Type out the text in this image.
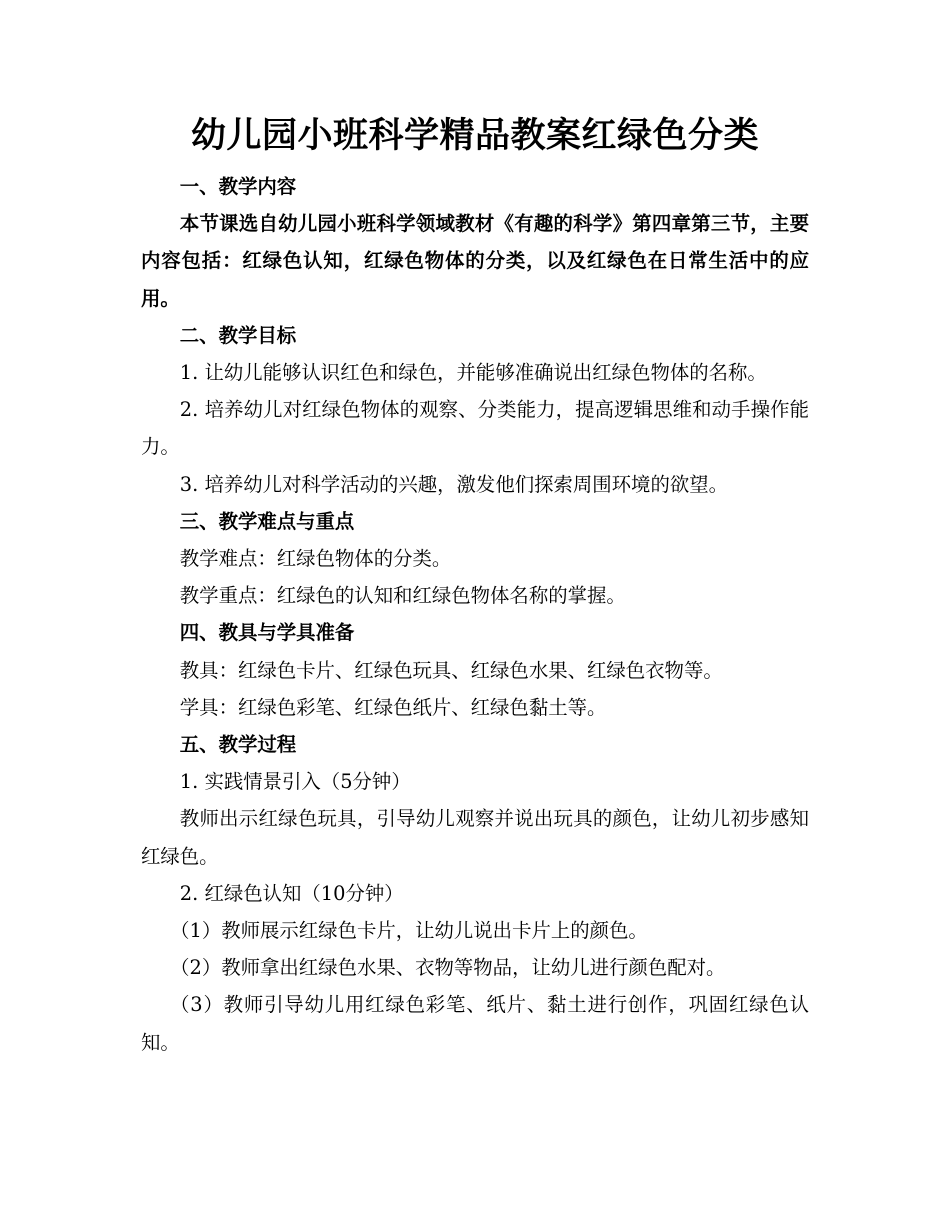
幼儿园小班科学精品教案红绿色分类

一、教学内容

本节课选自幼儿园小班科学领域教材《有趣的科学》第四章第三节，主要内容包括：红绿色认知，红绿色物体的分类，以及红绿色在日常生活中的应用。

二、教学目标

1. 让幼儿能够认识红色和绿色，并能够准确说出红绿色物体的名称。

2. 培养幼儿对红绿色物体的观察、分类能力，提高逻辑思维和动手操作能力。

3. 培养幼儿对科学活动的兴趣，激发他们探索周围环境的欲望。

三、教学难点与重点

教学难点：红绿色物体的分类。

教学重点：红绿色的认知和红绿色物体名称的掌握。

四、教具与学具准备

教具：红绿色卡片、红绿色玩具、红绿色水果、红绿色衣物等。

学具：红绿色彩笔、红绿色纸片、红绿色黏土等。

五、教学过程

1. 实践情景引入（5分钟）

教师出示红绿色玩具，引导幼儿观察并说出玩具的颜色，让幼儿初步感知红绿色。

2. 红绿色认知（10分钟）

（1）教师展示红绿色卡片，让幼儿说出卡片上的颜色。

（2）教师拿出红绿色水果、衣物等物品，让幼儿进行颜色配对。

（3）教师引导幼儿用红绿色彩笔、纸片、黏土进行创作，巩固红绿色认知。
